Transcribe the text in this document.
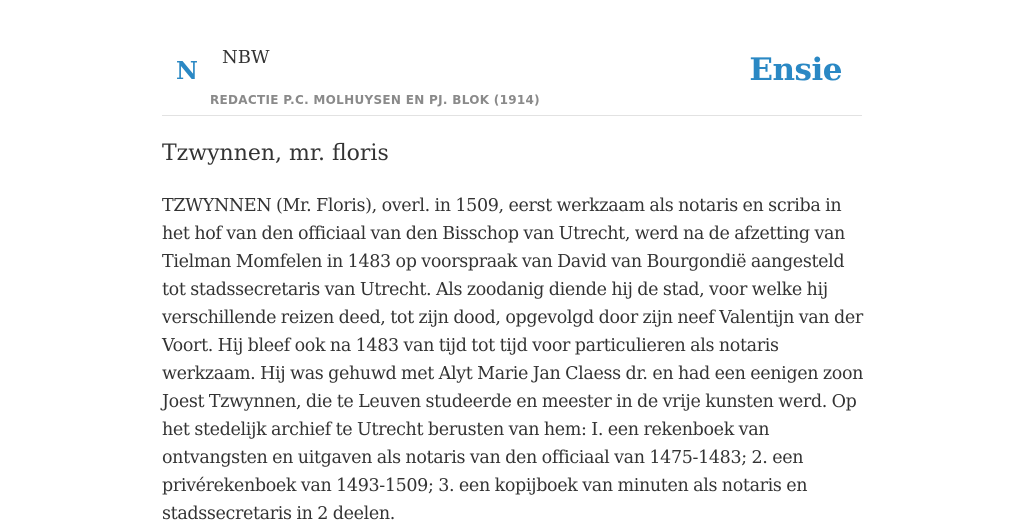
N NBW
REDACTIE P.C. MOLHUYSEN EN PJ. BLOK (1914)
Ensie
Tzwynnen, mr. floris

TZWYNNEN (Mr. Floris), overl. in 1509, eerst werkzaam als notaris en scriba in het hof van den officiaal van den Bisschop van Utrecht, werd na de afzetting van Tielman Momfelen in 1483 op voorspraak van David van Bourgondië aangesteld tot stadssecretaris van Utrecht. Als zoodanig diende hij de stad, voor welke hij verschillende reizen deed, tot zijn dood, opgevolgd door zijn neef Valentijn van der Voort. Hij bleef ook na 1483 van tijd tot tijd voor particulieren als notaris werkzaam. Hij was gehuwd met Alyt Marie Jan Claess dr. en had een eenigen zoon Joest Tzwynnen, die te Leuven studeerde en meester in de vrije kunsten werd. Op het stedelijk archief te Utrecht berusten van hem: I. een rekenboek van ontvangsten en uitgaven als notaris van den officiaal van 1475-1483; 2. een privérekenboek van 1493-1509; 3. een kopijboek van minuten als notaris en stadssecretaris in 2 deelen.
